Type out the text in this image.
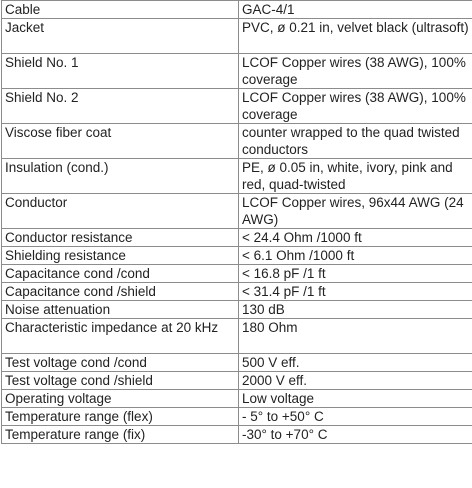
Cable	GAC-4/1
Jacket	PVC, ø 0.21 in, velvet black (ultrasoft)
Shield No. 1	LCOF Copper wires (38 AWG), 100% coverage
Shield No. 2	LCOF Copper wires (38 AWG), 100% coverage
Viscose fiber coat	counter wrapped to the quad twisted conductors
Insulation (cond.)	PE, ø 0.05 in, white, ivory, pink and red, quad-twisted
Conductor	LCOF Copper wires, 96x44 AWG (24 AWG)
Conductor resistance	< 24.4 Ohm /1000 ft
Shielding resistance	< 6.1 Ohm /1000 ft
Capacitance cond /cond	< 16.8 pF /1 ft
Capacitance cond /shield	< 31.4 pF /1 ft
Noise attenuation	130 dB
Characteristic impedance at 20 kHz	180 Ohm
Test voltage cond /cond	500 V eff.
Test voltage cond /shield	2000 V eff.
Operating voltage	Low voltage
Temperature range (flex)	- 5° to +50° C
Temperature range (fix)	-30° to +70° C
